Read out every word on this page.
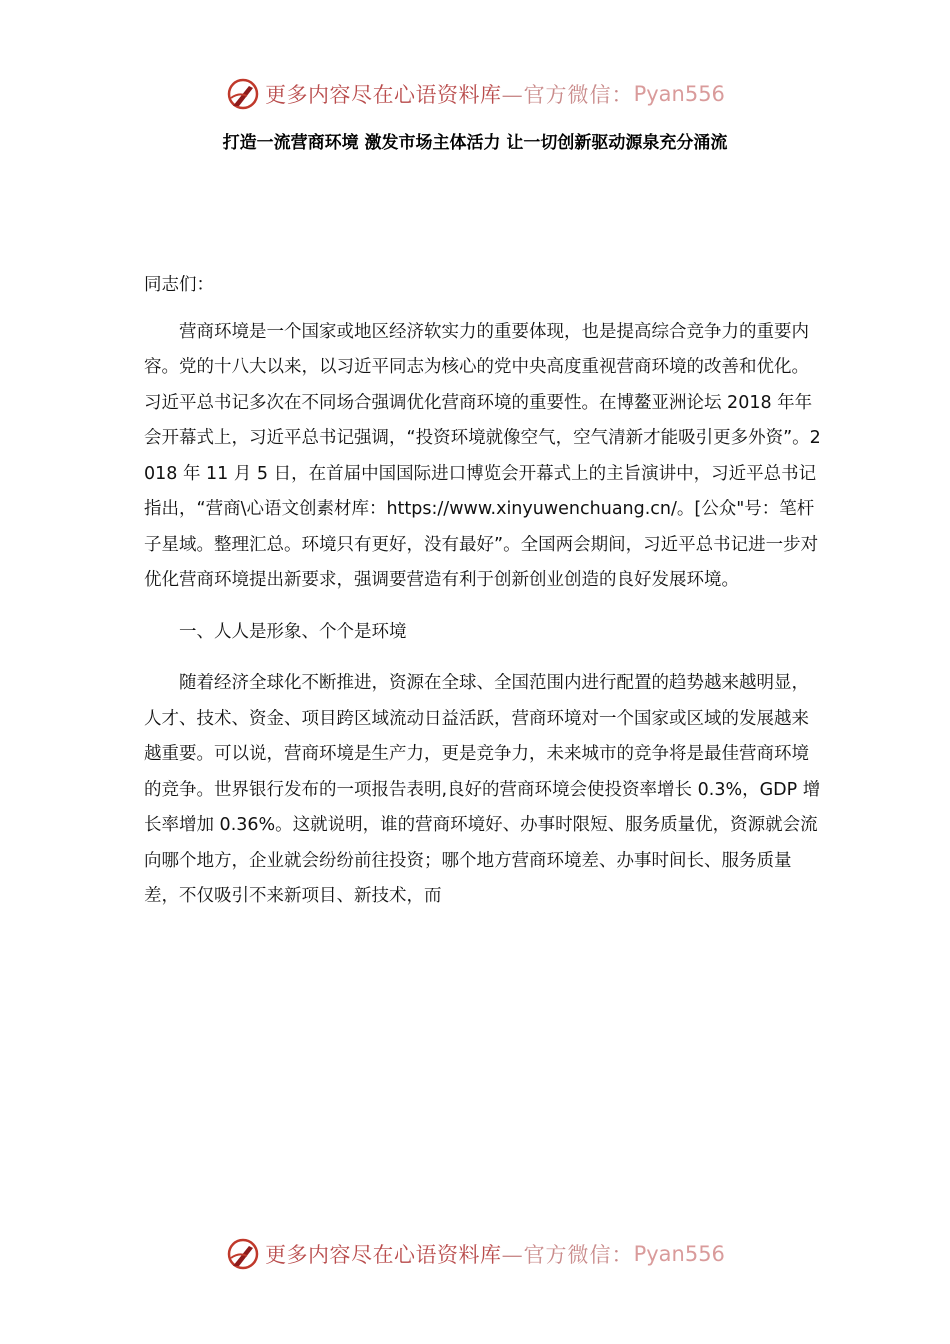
更多内容尽在心语资料库 —官方微信： Pyan556
打造一流营商环境 激发市场主体活力 让一切创新驱动源泉充分涌流

同志们：

营商环境是一个国家或地区经济软实力的重要体现，也是提高综合竞争力的重要内容。党的十八大以来，以习近平同志为核心的党中央高度重视营商环境的改善和优化。习近平总书记多次在不同场合强调优化营商环境的重要性。在博鳌亚洲论坛 2018 年年会开幕式上，习近平总书记强调，“投资环境就像空气，空气清新才能吸引更多外资”。2018 年 11 月 5 日，在首届中国国际进口博览会开幕式上的主旨演讲中，习近平总书记指出，“营商\心语文创素材库：https://www.xinyuwenchuang.cn/。[公众"号：笔杆子星域。整理汇总。环境只有更好，没有最好”。全国两会期间，习近平总书记进一步对优化营商环境提出新要求，强调要营造有利于创新创业创造的良好发展环境。

一、人人是形象、个个是环境

随着经济全球化不断推进，资源在全球、全国范围内进行配置的趋势越来越明显，人才、技术、资金、项目跨区域流动日益活跃，营商环境对一个国家或区域的发展越来越重要。可以说，营商环境是生产力，更是竞争力，未来城市的竞争将是最佳营商环境的竞争。世界银行发布的一项报告表明,良好的营商环境会使投资率增长 0.3%，GDP 增长率增加 0.36%。这就说明，谁的营商环境好、办事时限短、服务质量优，资源就会流向哪个地方，企业就会纷纷前往投资；哪个地方营商环境差、办事时间长、服务质量差，不仅吸引不来新项目、新技术，而

更多内容尽在心语资料库 —官方微信： Pyan556
